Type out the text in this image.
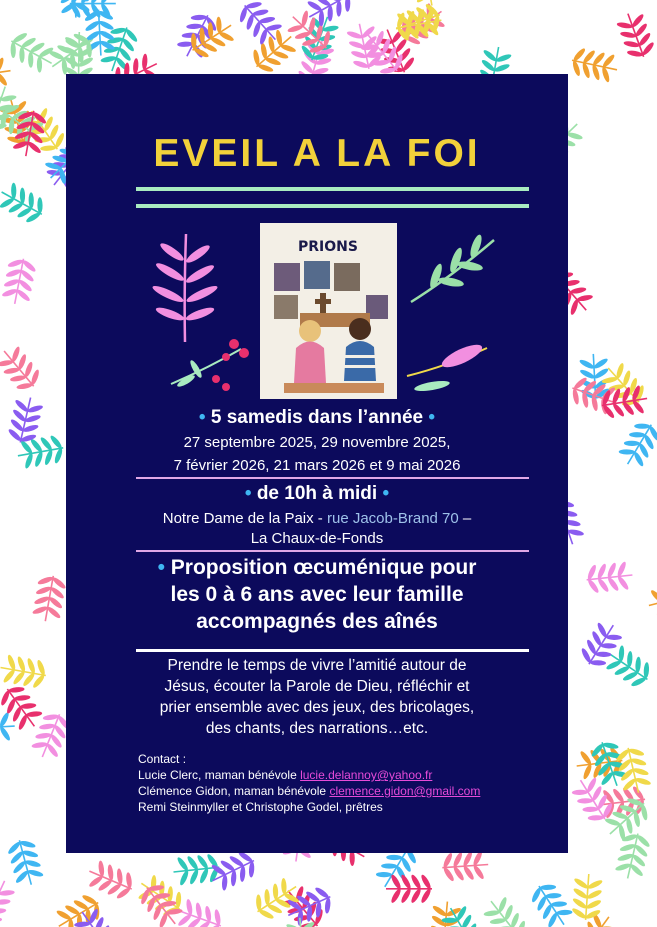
EVEIL A LA FOI
PRIONS
• 5 samedis dans l’année •
27 septembre 2025, 29 novembre 2025,
7 février 2026, 21 mars 2026 et 9 mai 2026
• de 10h à midi •
Notre Dame de la Paix - rue Jacob-Brand 70 –
La Chaux-de-Fonds
• Proposition œcuménique pour
les 0 à 6 ans avec leur famille
accompagnés des aînés
Prendre le temps de vivre l’amitié autour de
Jésus, écouter la Parole de Dieu, réfléchir et
prier ensemble avec des jeux, des bricolages,
des chants, des narrations…etc.
Contact :
Lucie Clerc, maman bénévole lucie.delannoy@yahoo.fr
Clémence Gidon, maman bénévole clemence.gidon@gmail.com
Remi Steinmyller et Christophe Godel, prêtres
